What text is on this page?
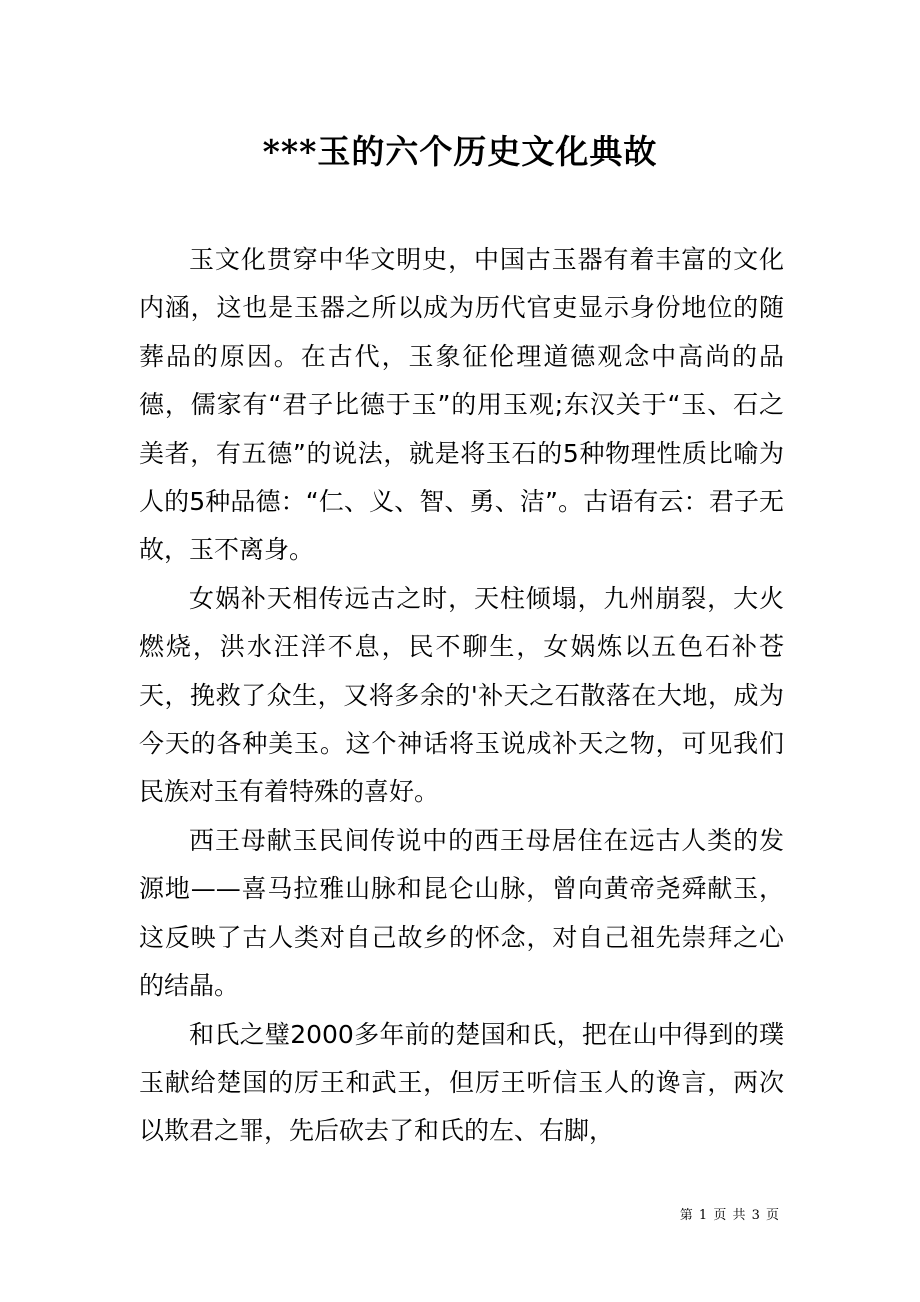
***玉的六个历史文化典故

玉文化贯穿中华文明史，中国古玉器有着丰富的文化内涵，这也是玉器之所以成为历代官吏显示身份地位的随葬品的原因。在古代，玉象征伦理道德观念中高尚的品德，儒家有“君子比德于玉”的用玉观;东汉关于“玉、石之美者，有五德”的说法，就是将玉石的5种物理性质比喻为人的5种品德：“仁、义、智、勇、洁”。古语有云：君子无故，玉不离身。

女娲补天相传远古之时，天柱倾塌，九州崩裂，大火燃烧，洪水汪洋不息，民不聊生，女娲炼以五色石补苍天，挽救了众生，又将多余的'补天之石散落在大地，成为今天的各种美玉。这个神话将玉说成补天之物，可见我们民族对玉有着特殊的喜好。

西王母献玉民间传说中的西王母居住在远古人类的发源地——喜马拉雅山脉和昆仑山脉，曾向黄帝尧舜献玉，这反映了古人类对自己故乡的怀念，对自己祖先崇拜之心的结晶。

和氏之璧2000多年前的楚国和氏，把在山中得到的璞玉献给楚国的厉王和武王，但厉王听信玉人的谗言，两次以欺君之罪，先后砍去了和氏的左、右脚，

第 1 页 共 3 页
